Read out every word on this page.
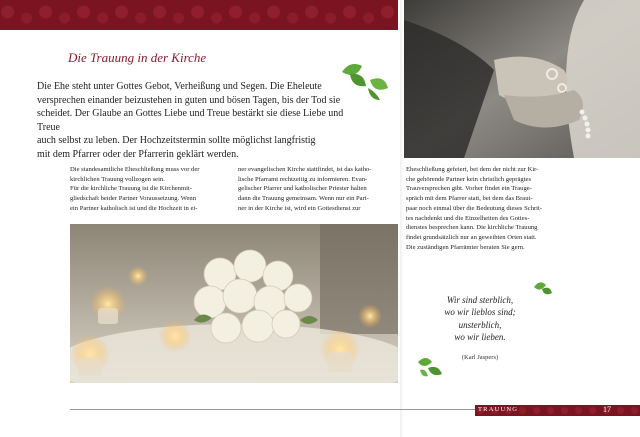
Die Trauung in der Kirche
Die Ehe steht unter Gottes Gebot, Verheißung und Segen. Die Eheleute
versprechen einander beizustehen in guten und bösen Tagen, bis der Tod sie
scheidet. Der Glaube an Gottes Liebe und Treue bestärkt sie diese Liebe und Treue
auch selbst zu leben. Der Hochzeitstermin sollte möglichst langfristig
mit dem Pfarrer oder der Pfarrerin geklärt werden.

Die standesamtliche Eheschließung muss vor der

kirchlichen Trauung vollzogen sein.

Für die kirchliche Trauung ist die Kirchenmit-

gliedschaft beider Partner Voraussetzung. Wenn

ein Partner katholisch ist und die Hochzeit in ei-

ner evangelischen Kirche stattfindet, ist das katho-

lische Pfarramt rechtzeitig zu informieren. Evan-

gelischer Pfarrer und katholischer Priester halten

dann die Trauung gemeinsam. Wenn nur ein Part-

ner in der Kirche ist, wird ein Gottesdienst zur

Eheschließung gefeiert, bei dem der nicht zur Kir-

che gehörende Partner kein christlich geprägtes

Trauversprechen gibt. Vorher findet ein Trauge-

spräch mit dem Pfarrer statt, bei dem das Braut-

paar noch einmal über die Bedeutung dieses Schrit-

tes nachdenkt und die Einzelheiten des Gottes-

dienstes besprechen kann. Die kirchliche Trauung

findet grundsätzlich nur an geweihten Orten statt.

Die zuständigen Pfarrämter beraten Sie gern.

Wir sind sterblich,
wo wir lieblos sind;
unsterblich,
wo wir lieben.
(Karl Jaspers)
TRAUUNG	17
